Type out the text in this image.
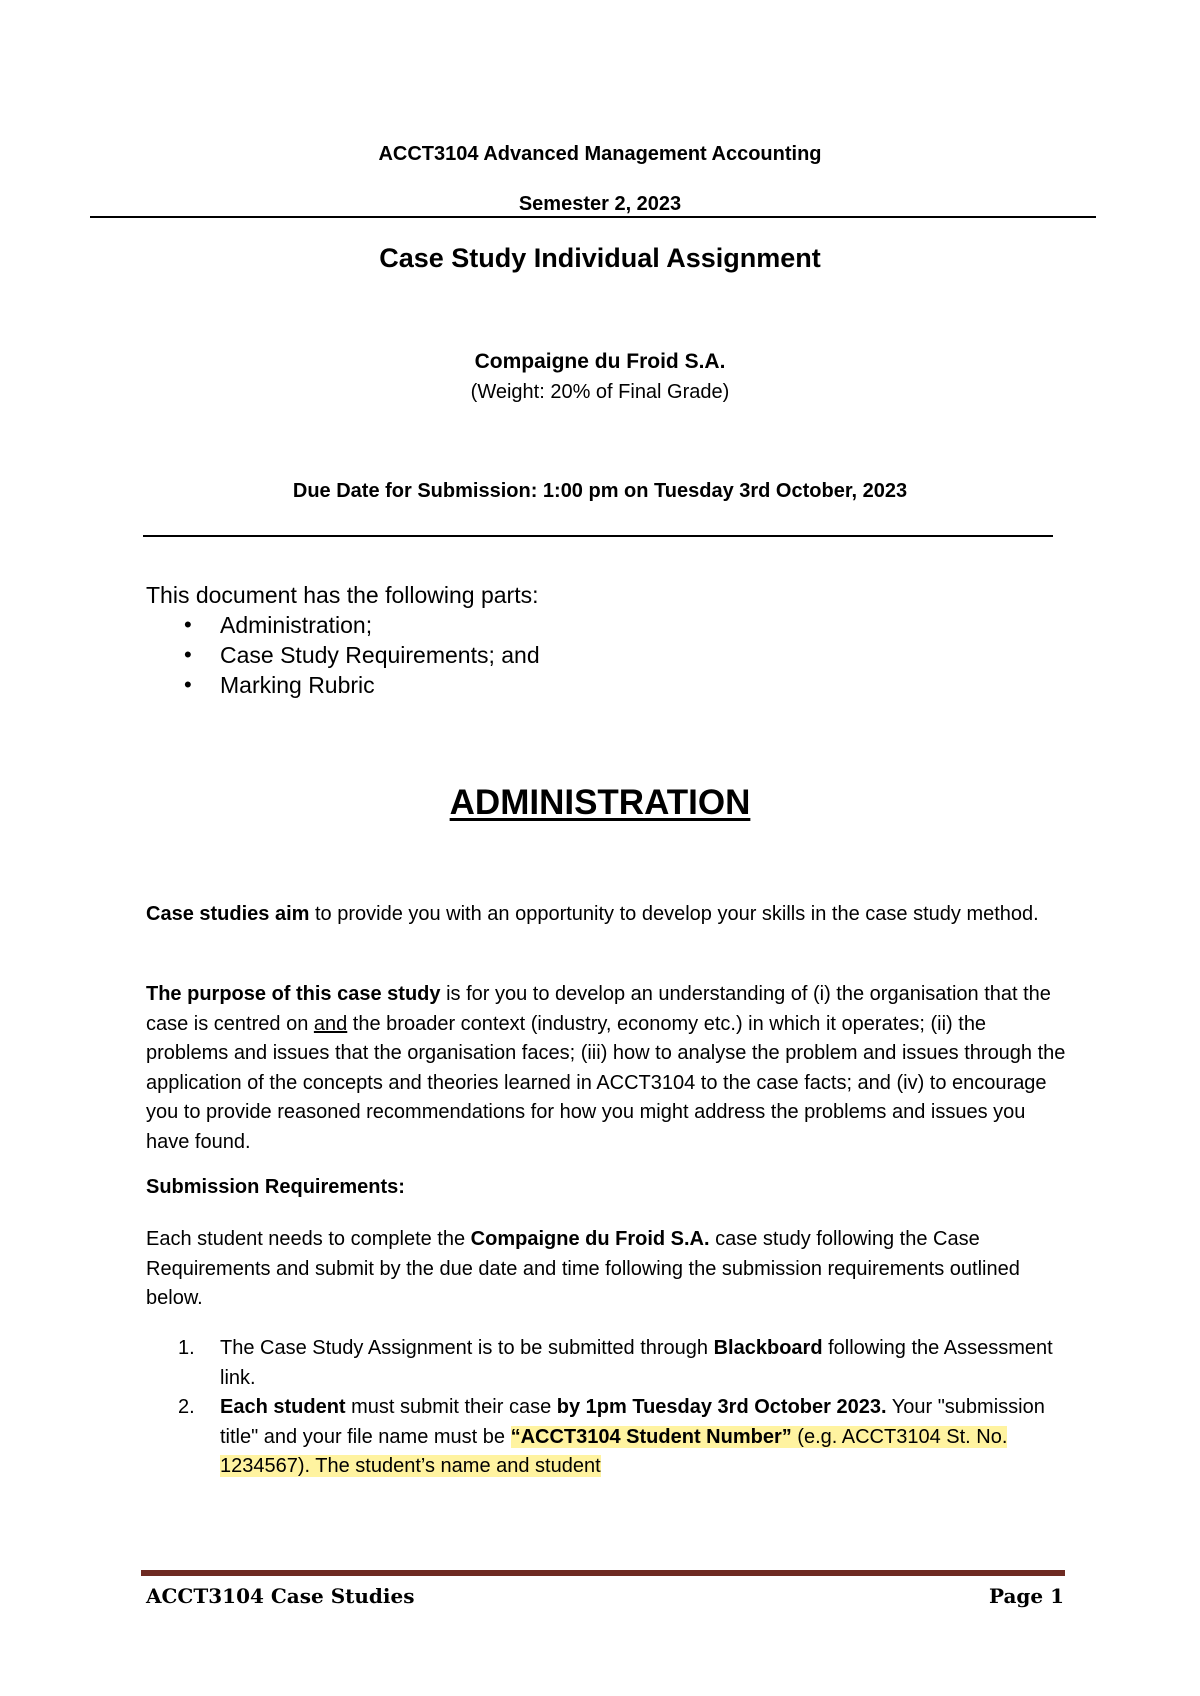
ACCT3104 Advanced Management Accounting
Semester 2, 2023
Case Study Individual Assignment
Compaigne du Froid S.A.
(Weight: 20% of Final Grade)
Due Date for Submission: 1:00 pm on Tuesday 3rd October, 2023
This document has the following parts:
• Administration;
• Case Study Requirements; and
• Marking Rubric
ADMINISTRATION

Case studies aim to provide you with an opportunity to develop your skills in the case study method.

The purpose of this case study is for you to develop an understanding of (i) the organisation that the case is centred on and the broader context (industry, economy etc.) in which it operates; (ii) the problems and issues that the organisation faces; (iii) how to analyse the problem and issues through the application of the concepts and theories learned in ACCT3104 to the case facts; and (iv) to encourage you to provide reasoned recommendations for how you might address the problems and issues you have found.

Submission Requirements:

Each student needs to complete the Compaigne du Froid S.A. case study following the Case Requirements and submit by the due date and time following the submission requirements outlined below.

1. The Case Study Assignment is to be submitted through Blackboard following the Assessment link.
2. Each student must submit their case by 1pm Tuesday 3rd October 2023. Your "submission title" and your file name must be “ACCT3104 Student Number” (e.g. ACCT3104 St. No. 1234567). The student’s name and student
ACCT3104 Case Studies	Page 1
